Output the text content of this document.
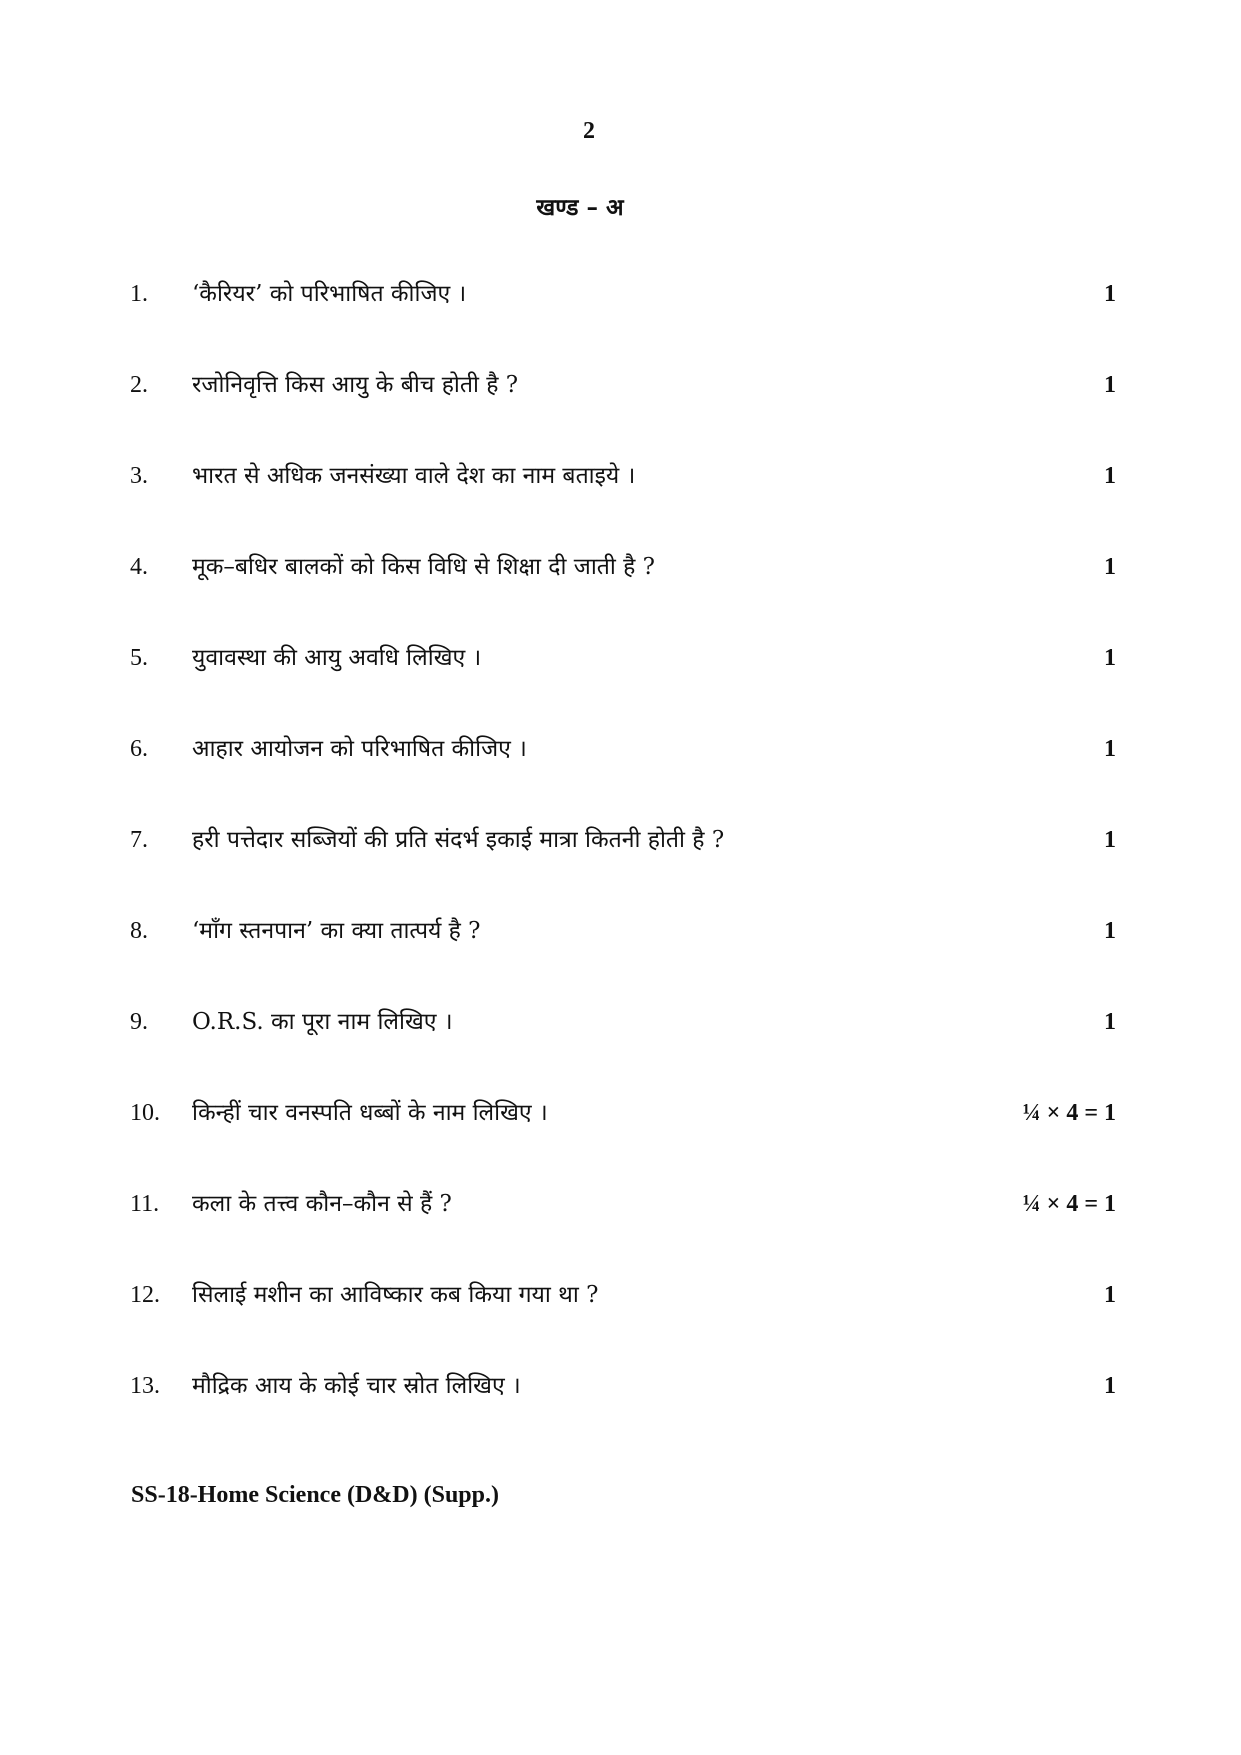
2
खण्ड – अ
1. ‘कैरियर’ को परिभाषित कीजिए ।	1
2. रजोनिवृत्ति किस आयु के बीच होती है ?	1
3. भारत से अधिक जनसंख्या वाले देश का नाम बताइये ।	1
4. मूक–बधिर बालकों को किस विधि से शिक्षा दी जाती है ?	1
5. युवावस्था की आयु अवधि लिखिए ।	1
6. आहार आयोजन को परिभाषित कीजिए ।	1
7. हरी पत्तेदार सब्जियों की प्रति संदर्भ इकाई मात्रा कितनी होती है ?	1
8. ‘माँग स्तनपान’ का क्या तात्पर्य है ?	1
9. O.R.S. का पूरा नाम लिखिए ।	1
10. किन्हीं चार वनस्पति धब्बों के नाम लिखिए ।	¼ × 4 = 1
11. कला के तत्त्व कौन–कौन से हैं ?	¼ × 4 = 1
12. सिलाई मशीन का आविष्कार कब किया गया था ?	1
13. मौद्रिक आय के कोई चार स्रोत लिखिए ।	1
SS-18-Home Science (D&D) (Supp.)
